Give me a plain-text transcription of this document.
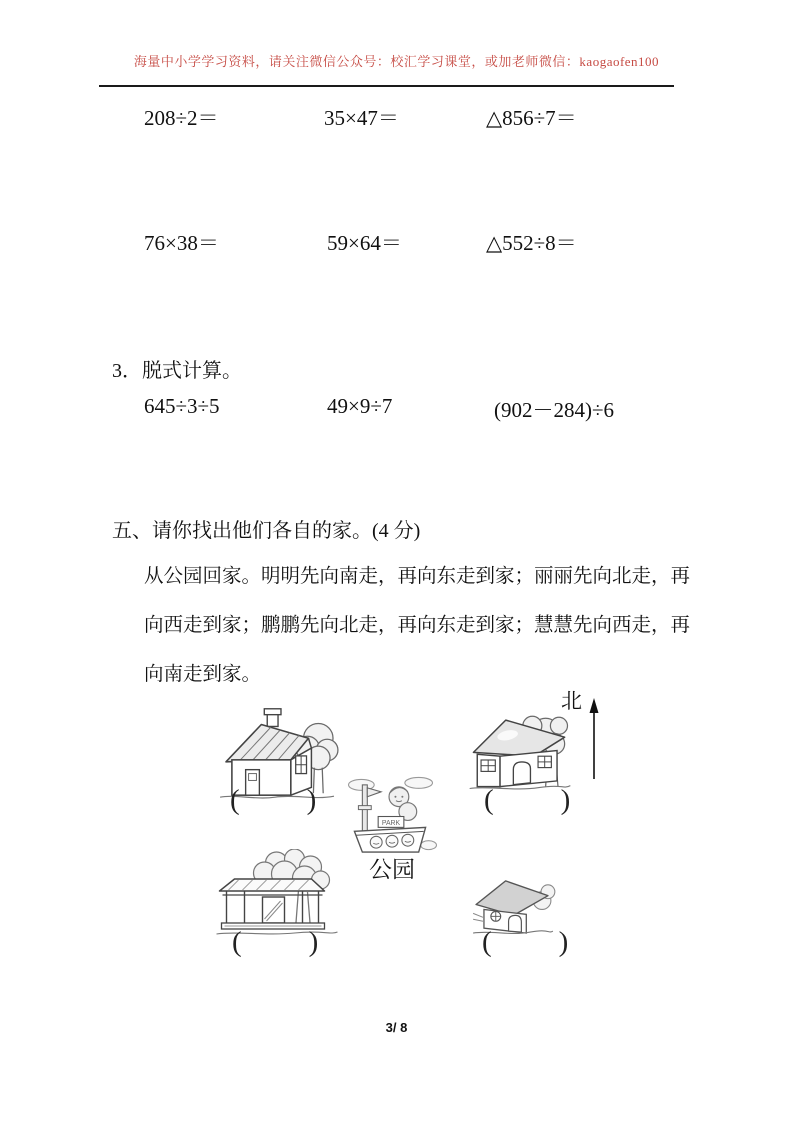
海量中小学学习资料，请关注微信公众号：校汇学习课堂，或加老师微信：kaogaofen100
208÷2＝	35×47＝	△856÷7＝
76×38＝	59×64＝	△552÷8＝
3．脱式计算。
645÷3÷5	49×9÷7	(902－284)÷6
五、请你找出他们各自的家。(4 分)
从公园回家。明明先向南走，再向东走到家；丽丽先向北走，再
向西走到家；鹏鹏先向北走，再向东走到家；慧慧先向西走，再
向南走到家。
北
(        )	(        )
PARK
公园
(        )	(        )
3/ 8
